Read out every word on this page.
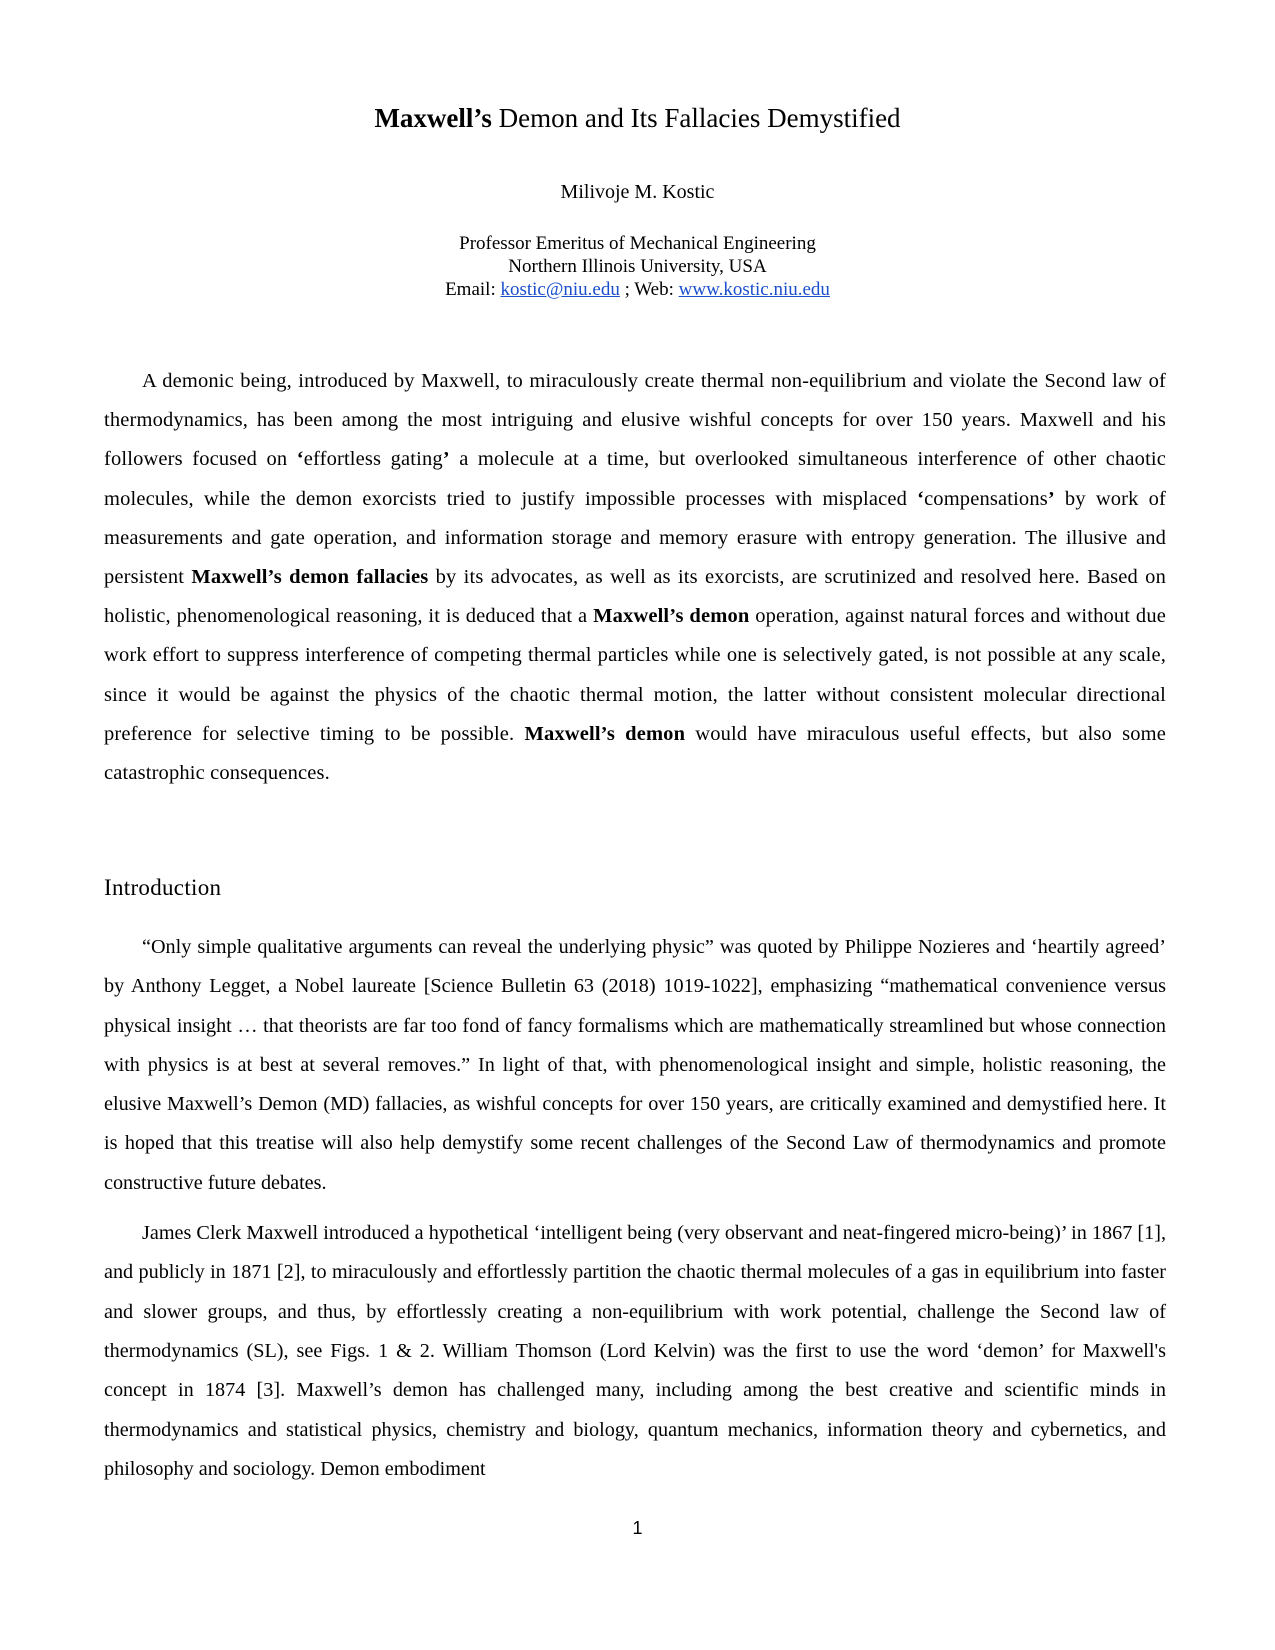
Maxwell’s Demon and Its Fallacies Demystified
Milivoje M. Kostic
Professor Emeritus of Mechanical Engineering
Northern Illinois University, USA
Email: kostic@niu.edu ; Web: www.kostic.niu.edu

A demonic being, introduced by Maxwell, to miraculously create thermal non-equilibrium and violate the Second law of thermodynamics, has been among the most intriguing and elusive wishful concepts for over 150 years. Maxwell and his followers focused on ‘effortless gating’ a molecule at a time, but overlooked simultaneous interference of other chaotic molecules, while the demon exorcists tried to justify impossible processes with misplaced ‘compensations’ by work of measurements and gate operation, and information storage and memory erasure with entropy generation. The illusive and persistent Maxwell’s demon fallacies by its advocates, as well as its exorcists, are scrutinized and resolved here. Based on holistic, phenomenological reasoning, it is deduced that a Maxwell’s demon operation, against natural forces and without due work effort to suppress interference of competing thermal particles while one is selectively gated, is not possible at any scale, since it would be against the physics of the chaotic thermal motion, the latter without consistent molecular directional preference for selective timing to be possible. Maxwell’s demon would have miraculous useful effects, but also some catastrophic consequences.

Introduction

“Only simple qualitative arguments can reveal the underlying physic” was quoted by Philippe Nozieres and ‘heartily agreed’ by Anthony Legget, a Nobel laureate [Science Bulletin 63 (2018) 1019-1022], emphasizing “mathematical convenience versus physical insight … that theorists are far too fond of fancy formalisms which are mathematically streamlined but whose connection with physics is at best at several removes.” In light of that, with phenomenological insight and simple, holistic reasoning, the elusive Maxwell’s Demon (MD) fallacies, as wishful concepts for over 150 years, are critically examined and demystified here. It is hoped that this treatise will also help demystify some recent challenges of the Second Law of thermodynamics and promote constructive future debates.

James Clerk Maxwell introduced a hypothetical ‘intelligent being (very observant and neat-fingered micro-being)’ in 1867 [1], and publicly in 1871 [2], to miraculously and effortlessly partition the chaotic thermal molecules of a gas in equilibrium into faster and slower groups, and thus, by effortlessly creating a non-equilibrium with work potential, challenge the Second law of thermodynamics (SL), see Figs. 1 & 2. William Thomson (Lord Kelvin) was the first to use the word ‘demon’ for Maxwell's concept in 1874 [3]. Maxwell’s demon has challenged many, including among the best creative and scientific minds in thermodynamics and statistical physics, chemistry and biology, quantum mechanics, information theory and cybernetics, and philosophy and sociology. Demon embodiment

1
